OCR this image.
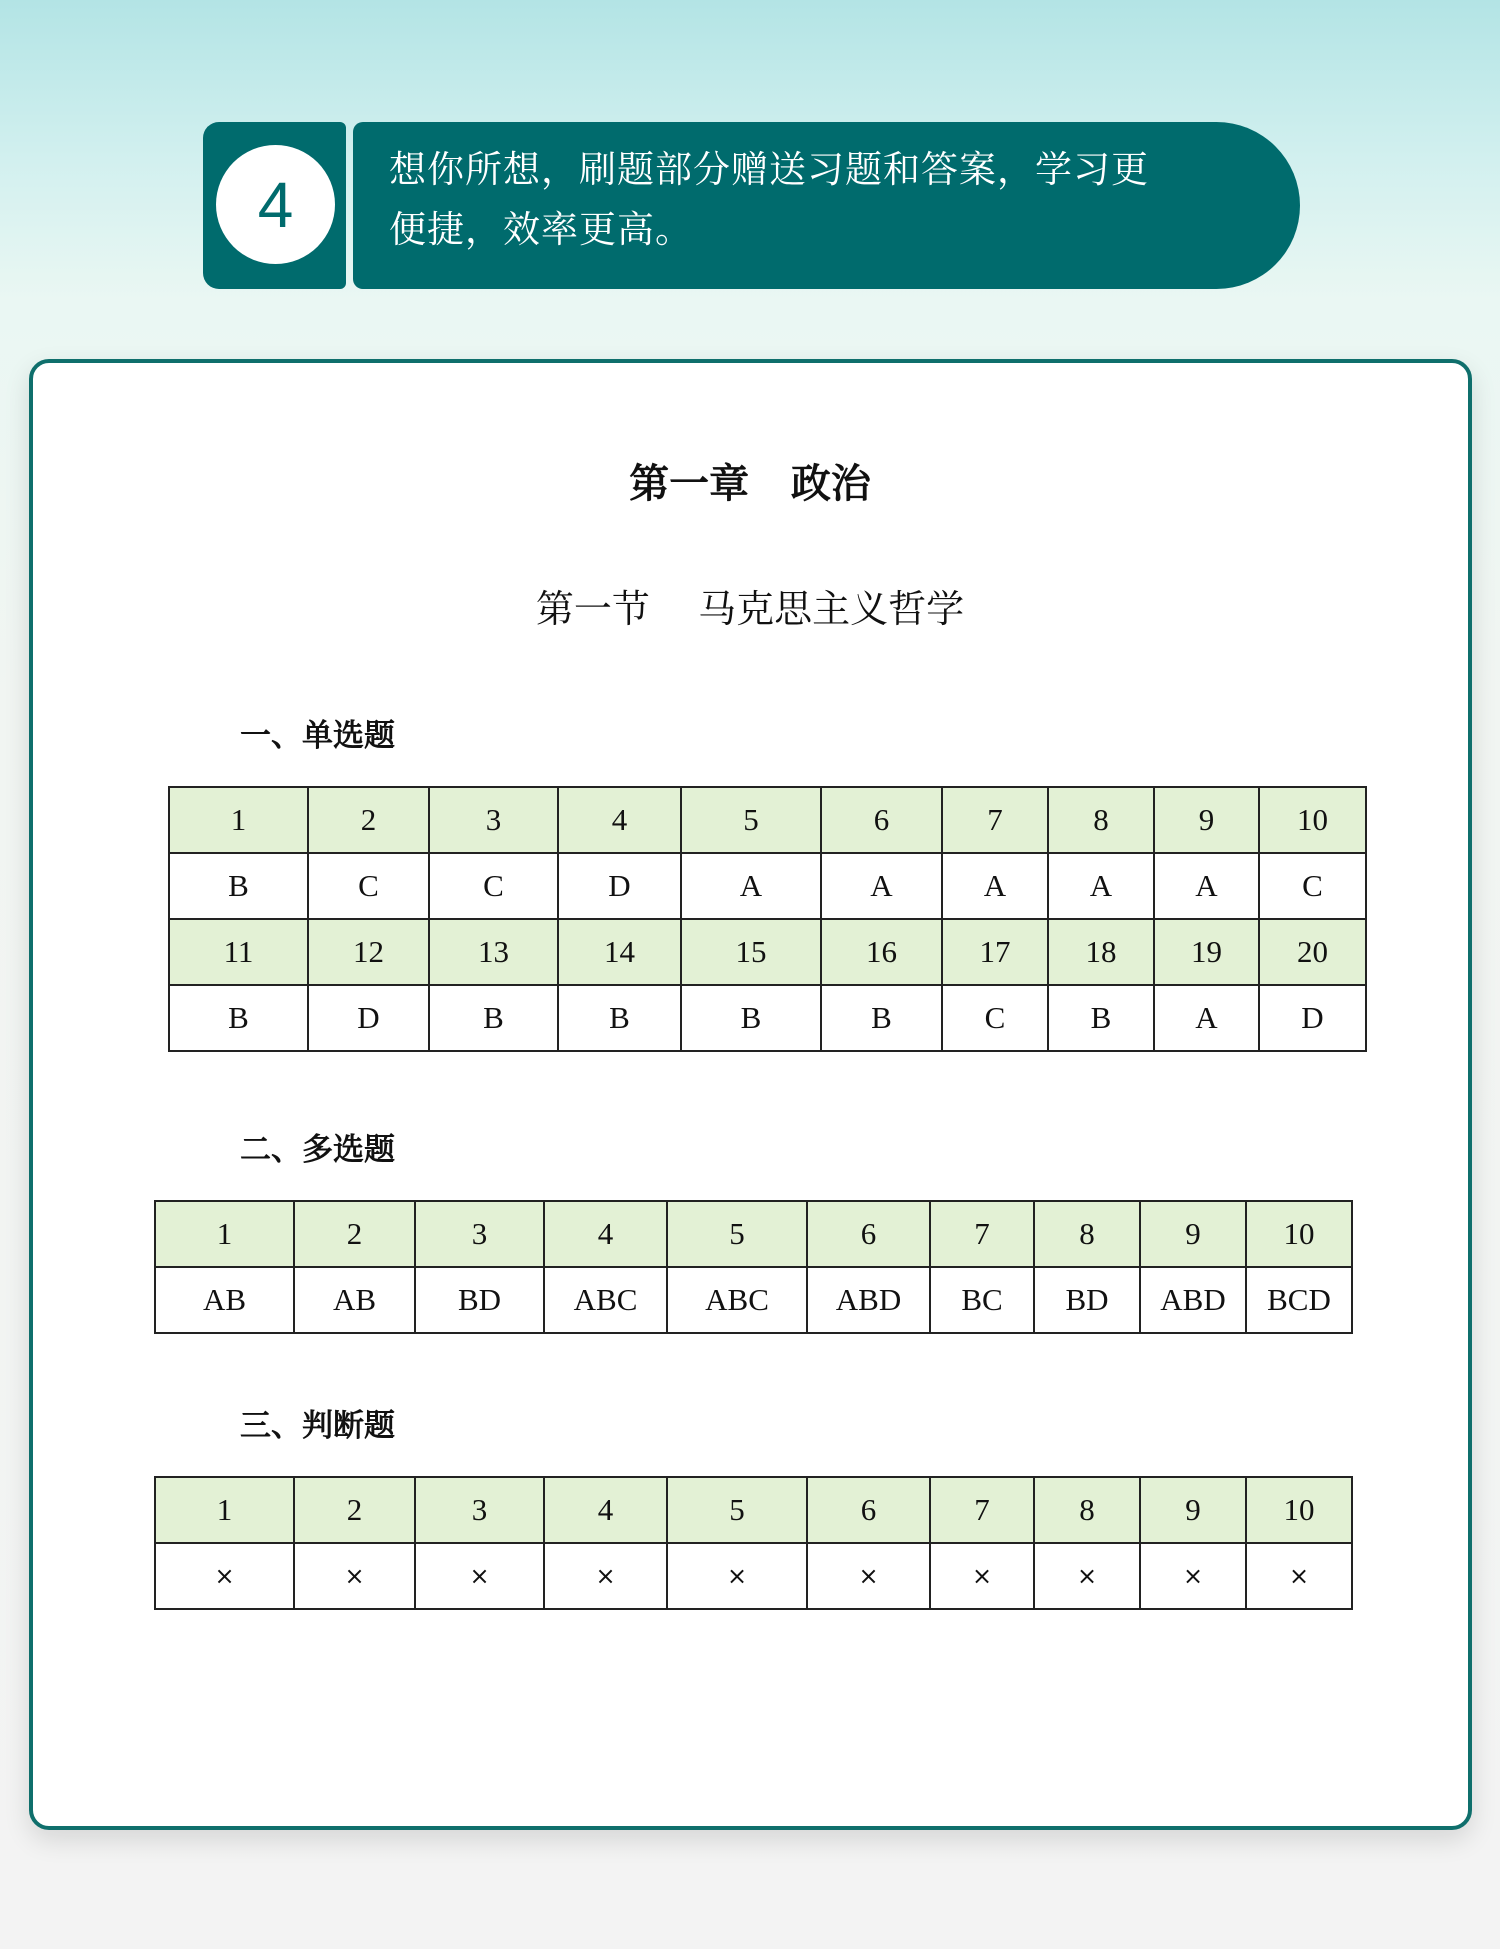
4	想你所想，刷题部分赠送习题和答案，学习更
便捷，效率更高。
第一章   政治
第一节    马克思主义哲学
一、单选题
1	2	3	4	5	6	7	8	9	10
B	C	C	D	A	A	A	A	A	C
11	12	13	14	15	16	17	18	19	20
B	D	B	B	B	B	C	B	A	D
二、多选题
1	2	3	4	5	6	7	8	9	10
AB	AB	BD	ABC	ABC	ABD	BC	BD	ABD	BCD
三、判断题
1	2	3	4	5	6	7	8	9	10
×	×	×	×	×	×	×	×	×	×
